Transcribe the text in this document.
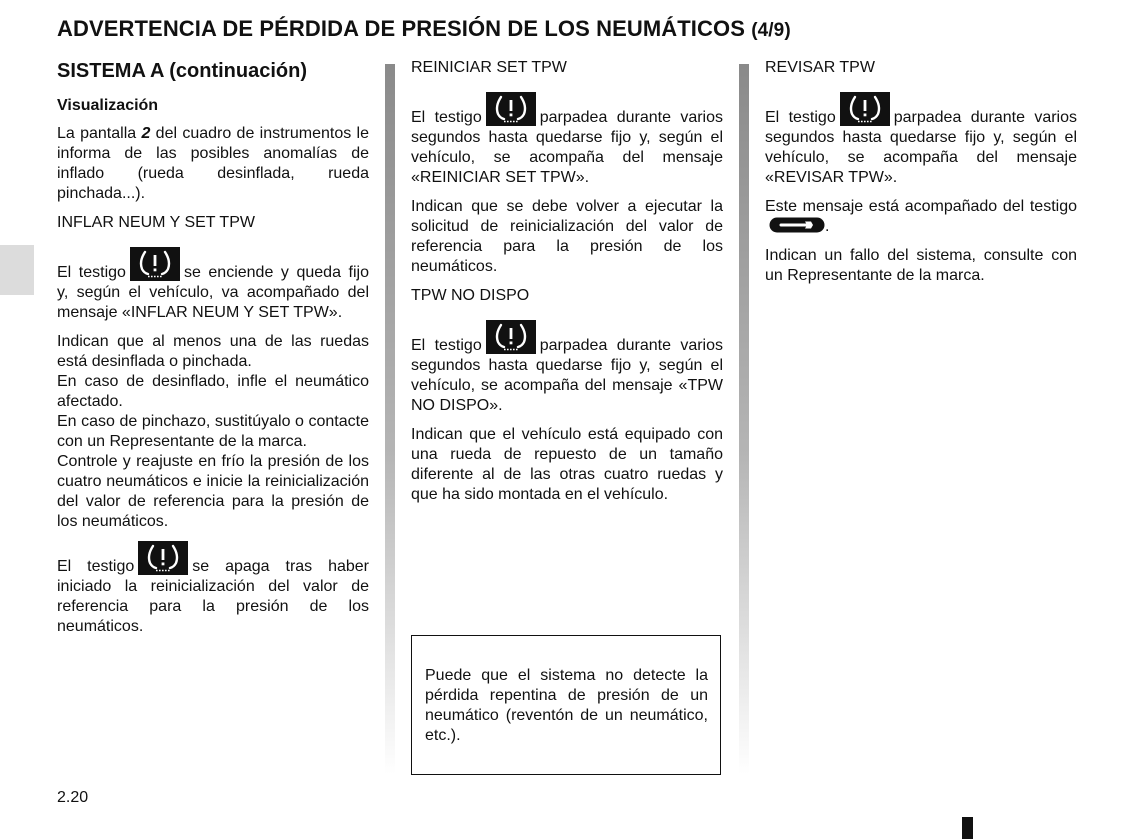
ADVERTENCIA DE PÉRDIDA DE PRESIÓN DE LOS NEUMÁTICOS (4/9)
SISTEMA A (continuación)
Visualización

La pantalla 2 del cuadro de instrumentos le informa de las posibles anomalías de inflado (rueda desinflada, rueda pinchada...).

INFLAR NEUM Y SET TPW

El testigo	se enciende y queda fijo y, según el vehículo, va acompañado del mensaje «INFLAR NEUM Y SET TPW».

Indican que al menos una de las ruedas está desinflada o pinchada.
En caso de desinflado, infle el neumático afectado.
En caso de pinchazo, sustitúyalo o contacte con un Representante de la marca.
Controle y reajuste en frío la presión de los cuatro neumáticos e inicie la reinicialización del valor de referencia para la presión de los neumáticos.

El testigo	se apaga tras haber iniciado la reinicialización del valor de referencia para la presión de los neumáticos.

REINICIAR SET TPW

El testigo	parpadea durante varios segundos hasta quedarse fijo y, según el vehículo, se acompaña del mensaje «REINICIAR SET TPW».

Indican que se debe volver a ejecutar la solicitud de reinicialización del valor de referencia para la presión de los neumáticos.

TPW NO DISPO

El testigo	parpadea durante varios segundos hasta quedarse fijo y, según el vehículo, se acompaña del mensaje «TPW NO DISPO».

Indican que el vehículo está equipado con una rueda de repuesto de un tamaño diferente al de las otras cuatro ruedas y que ha sido montada en el vehículo.

Puede que el sistema no detecte la pérdida repentina de presión de un neumático (reventón de un neumático, etc.).

REVISAR TPW

El testigo	parpadea durante varios segundos hasta quedarse fijo y, según el vehículo, se acompaña del mensaje «REVISAR TPW».

Este mensaje está acompañado del testigo
.

Indican un fallo del sistema, consulte con un Representante de la marca.

2.20
